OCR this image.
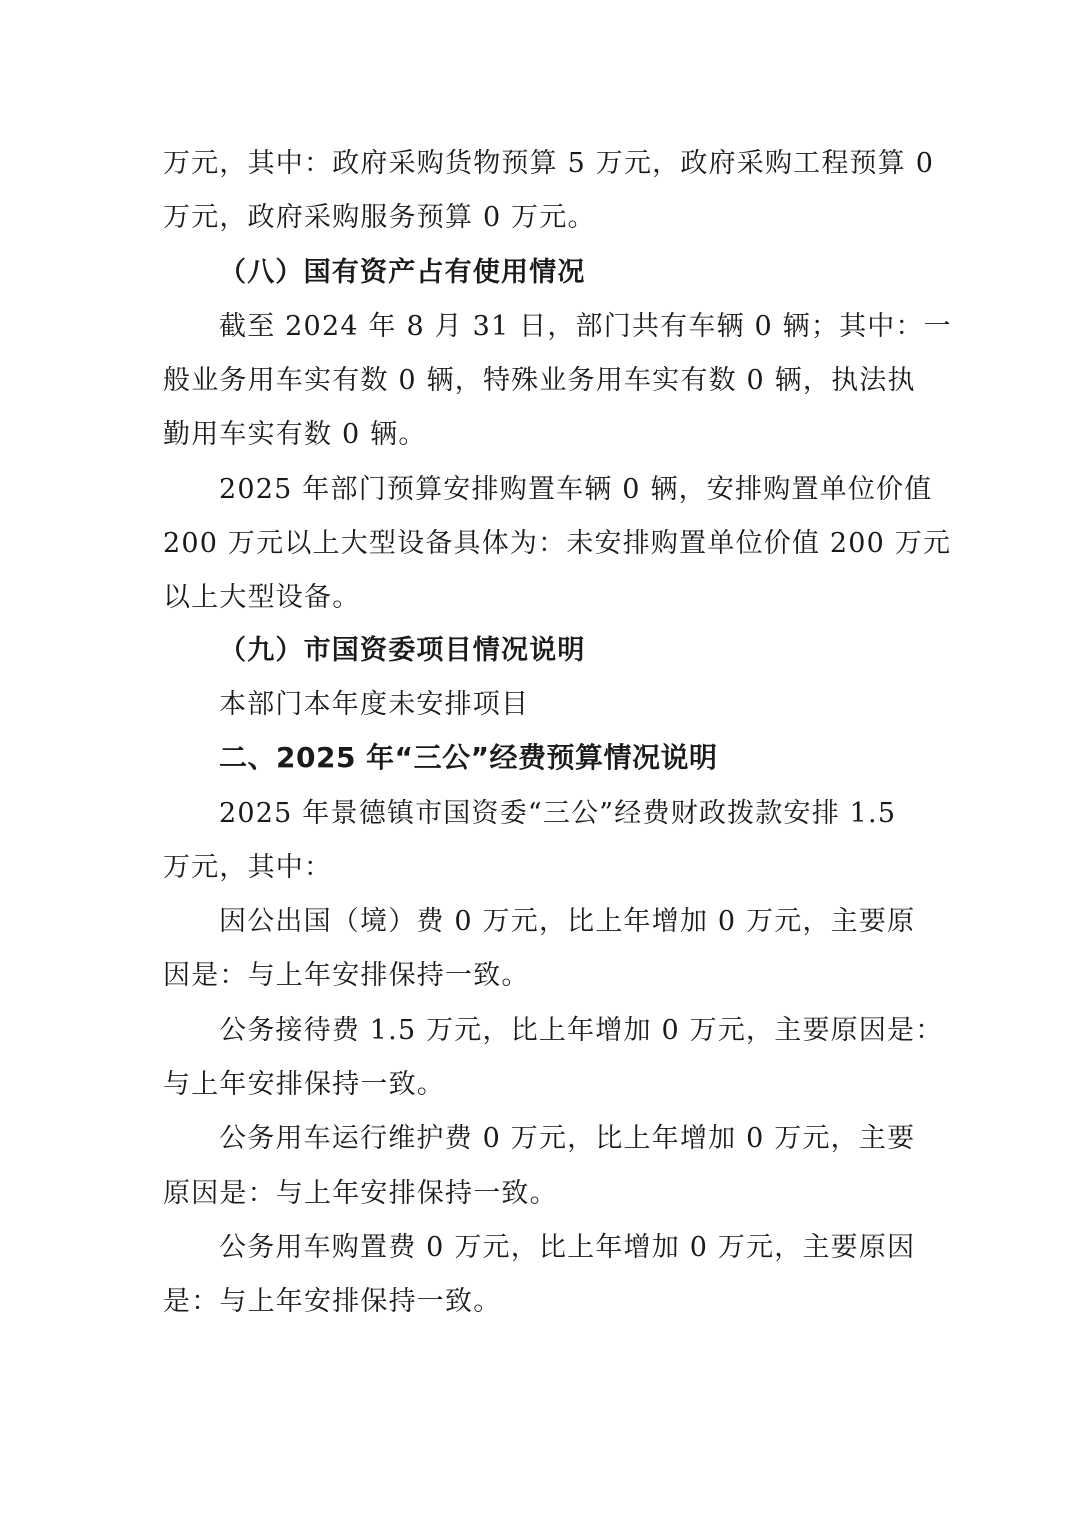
万元，其中：政府采购货物预算 5 万元，政府采购工程预算 0
万元，政府采购服务预算 0 万元。
（八）国有资产占有使用情况
截至 2024 年 8 月 31 日，部门共有车辆 0 辆；其中：一
般业务用车实有数 0 辆，特殊业务用车实有数 0 辆，执法执
勤用车实有数 0 辆。
2025 年部门预算安排购置车辆 0 辆，安排购置单位价值
200 万元以上大型设备具体为：未安排购置单位价值 200 万元
以上大型设备。
（九）市国资委项目情况说明
本部门本年度未安排项目
二、2025 年“三公”经费预算情况说明
2025 年景德镇市国资委“三公”经费财政拨款安排 1.5
万元，其中：
因公出国（境）费 0 万元，比上年增加 0 万元，主要原
因是：与上年安排保持一致。
公务接待费 1.5 万元，比上年增加 0 万元，主要原因是：
与上年安排保持一致。
公务用车运行维护费 0 万元，比上年增加 0 万元，主要
原因是：与上年安排保持一致。
公务用车购置费 0 万元，比上年增加 0 万元，主要原因
是：与上年安排保持一致。
